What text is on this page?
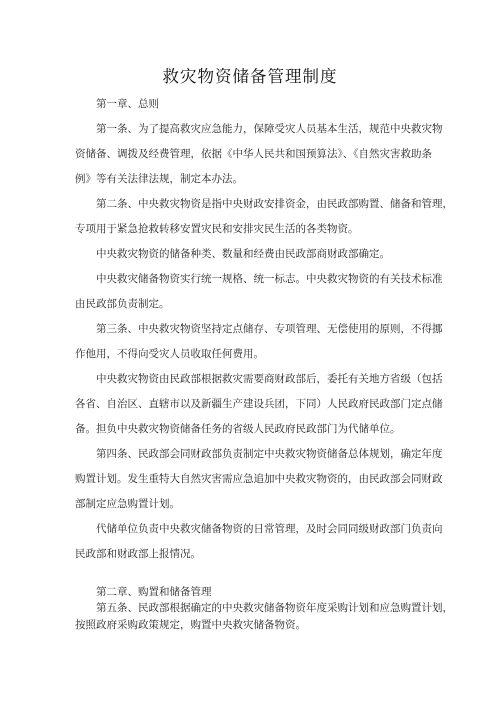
救灾物资储备管理制度
第一章、总则
第一条、为了提高救灾应急能力，保障受灾人员基本生活，规范中央救灾物
资储备、调拨及经费管理，依据《中华人民共和国预算法》、《自然灾害救助条
例》等有关法律法规，制定本办法。
第二条、中央救灾物资是指中央财政安排资金，由民政部购置、储备和管理，
专项用于紧急抢救转移安置灾民和安排灾民生活的各类物资。
中央救灾物资的储备种类、数量和经费由民政部商财政部确定。
中央救灾储备物资实行统一规格、统一标志。中央救灾物资的有关技术标准
由民政部负责制定。
第三条、中央救灾物资坚持定点储存、专项管理、无偿使用的原则，不得挪
作他用，不得向受灾人员收取任何费用。
中央救灾物资由民政部根据救灾需要商财政部后，委托有关地方省级（包括
各省、自治区、直辖市以及新疆生产建设兵团，下同）人民政府民政部门定点储
备。担负中央救灾物资储备任务的省级人民政府民政部门为代储单位。
第四条、民政部会同财政部负责制定中央救灾物资储备总体规划，确定年度
购置计划。发生重特大自然灾害需应急追加中央救灾物资的，由民政部会同财政
部制定应急购置计划。
代储单位负责中央救灾储备物资的日常管理，及时会同同级财政部门负责向
民政部和财政部上报情况。
第二章、购置和储备管理
第五条、民政部根据确定的中央救灾储备物资年度采购计划和应急购置计划，
按照政府采购政策规定，购置中央救灾储备物资。
